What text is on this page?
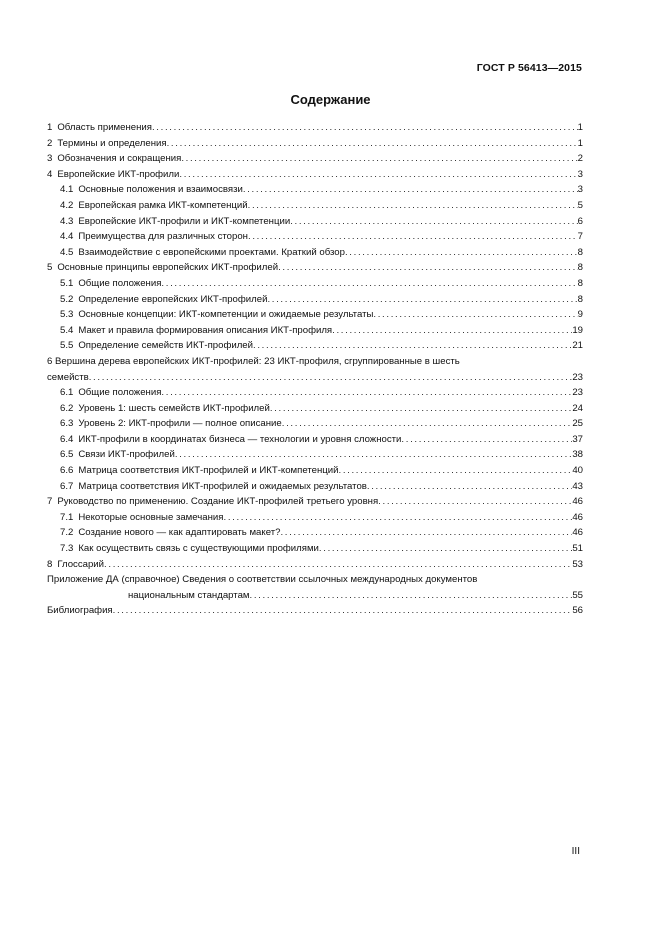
ГОСТ Р 56413—2015
Содержание
1 Область применения . . .	1
2 Термины и определения . . .	1
3 Обозначения и сокращения . . .	2
4 Европейские ИКТ-профили . . .	3
4.1 Основные положения и взаимосвязи . . .	3
4.2 Европейская рамка ИКТ-компетенций . . .	5
4.3 Европейские ИКТ-профили и ИКТ-компетенции . . .	6
4.4 Преимущества для различных сторон . . .	7
4.5 Взаимодействие с европейскими проектами. Краткий обзор . . .	8
5 Основные принципы европейских ИКТ-профилей . . .	8
5.1 Общие положения . . .	8
5.2 Определение европейских ИКТ-профилей . . .	8
5.3 Основные концепции: ИКТ-компетенции и ожидаемые результаты . . .	9
5.4 Макет и правила формирования описания ИКТ-профиля . . .	19
5.5 Определение семейств ИКТ-профилей . . .	21
6 Вершина дерева европейских ИКТ-профилей: 23 ИКТ-профиля, сгруппированные в шесть
семейств . . .	23
6.1 Общие положения . . .	23
6.2 Уровень 1: шесть семейств ИКТ-профилей . . .	24
6.3 Уровень 2: ИКТ-профили — полное описание . . .	25
6.4 ИКТ-профили в координатах бизнеса — технологии и уровня сложности . . .	37
6.5 Связи ИКТ-профилей . . .	38
6.6 Матрица соответствия ИКТ-профилей и ИКТ-компетенций . . .	40
6.7 Матрица соответствия ИКТ-профилей и ожидаемых результатов . . .	43
7 Руководство по применению. Создание ИКТ-профилей третьего уровня . . .	46
7.1 Некоторые основные замечания . . .	46
7.2 Создание нового — как адаптировать макет? . . .	46
7.3 Как осуществить связь с существующими профилями . . .	51
8 Глоссарий . . .	53
Приложение ДА (справочное) Сведения о соответствии ссылочных международных документов
национальным стандартам . . .	55
Библиография . . .	56
III
